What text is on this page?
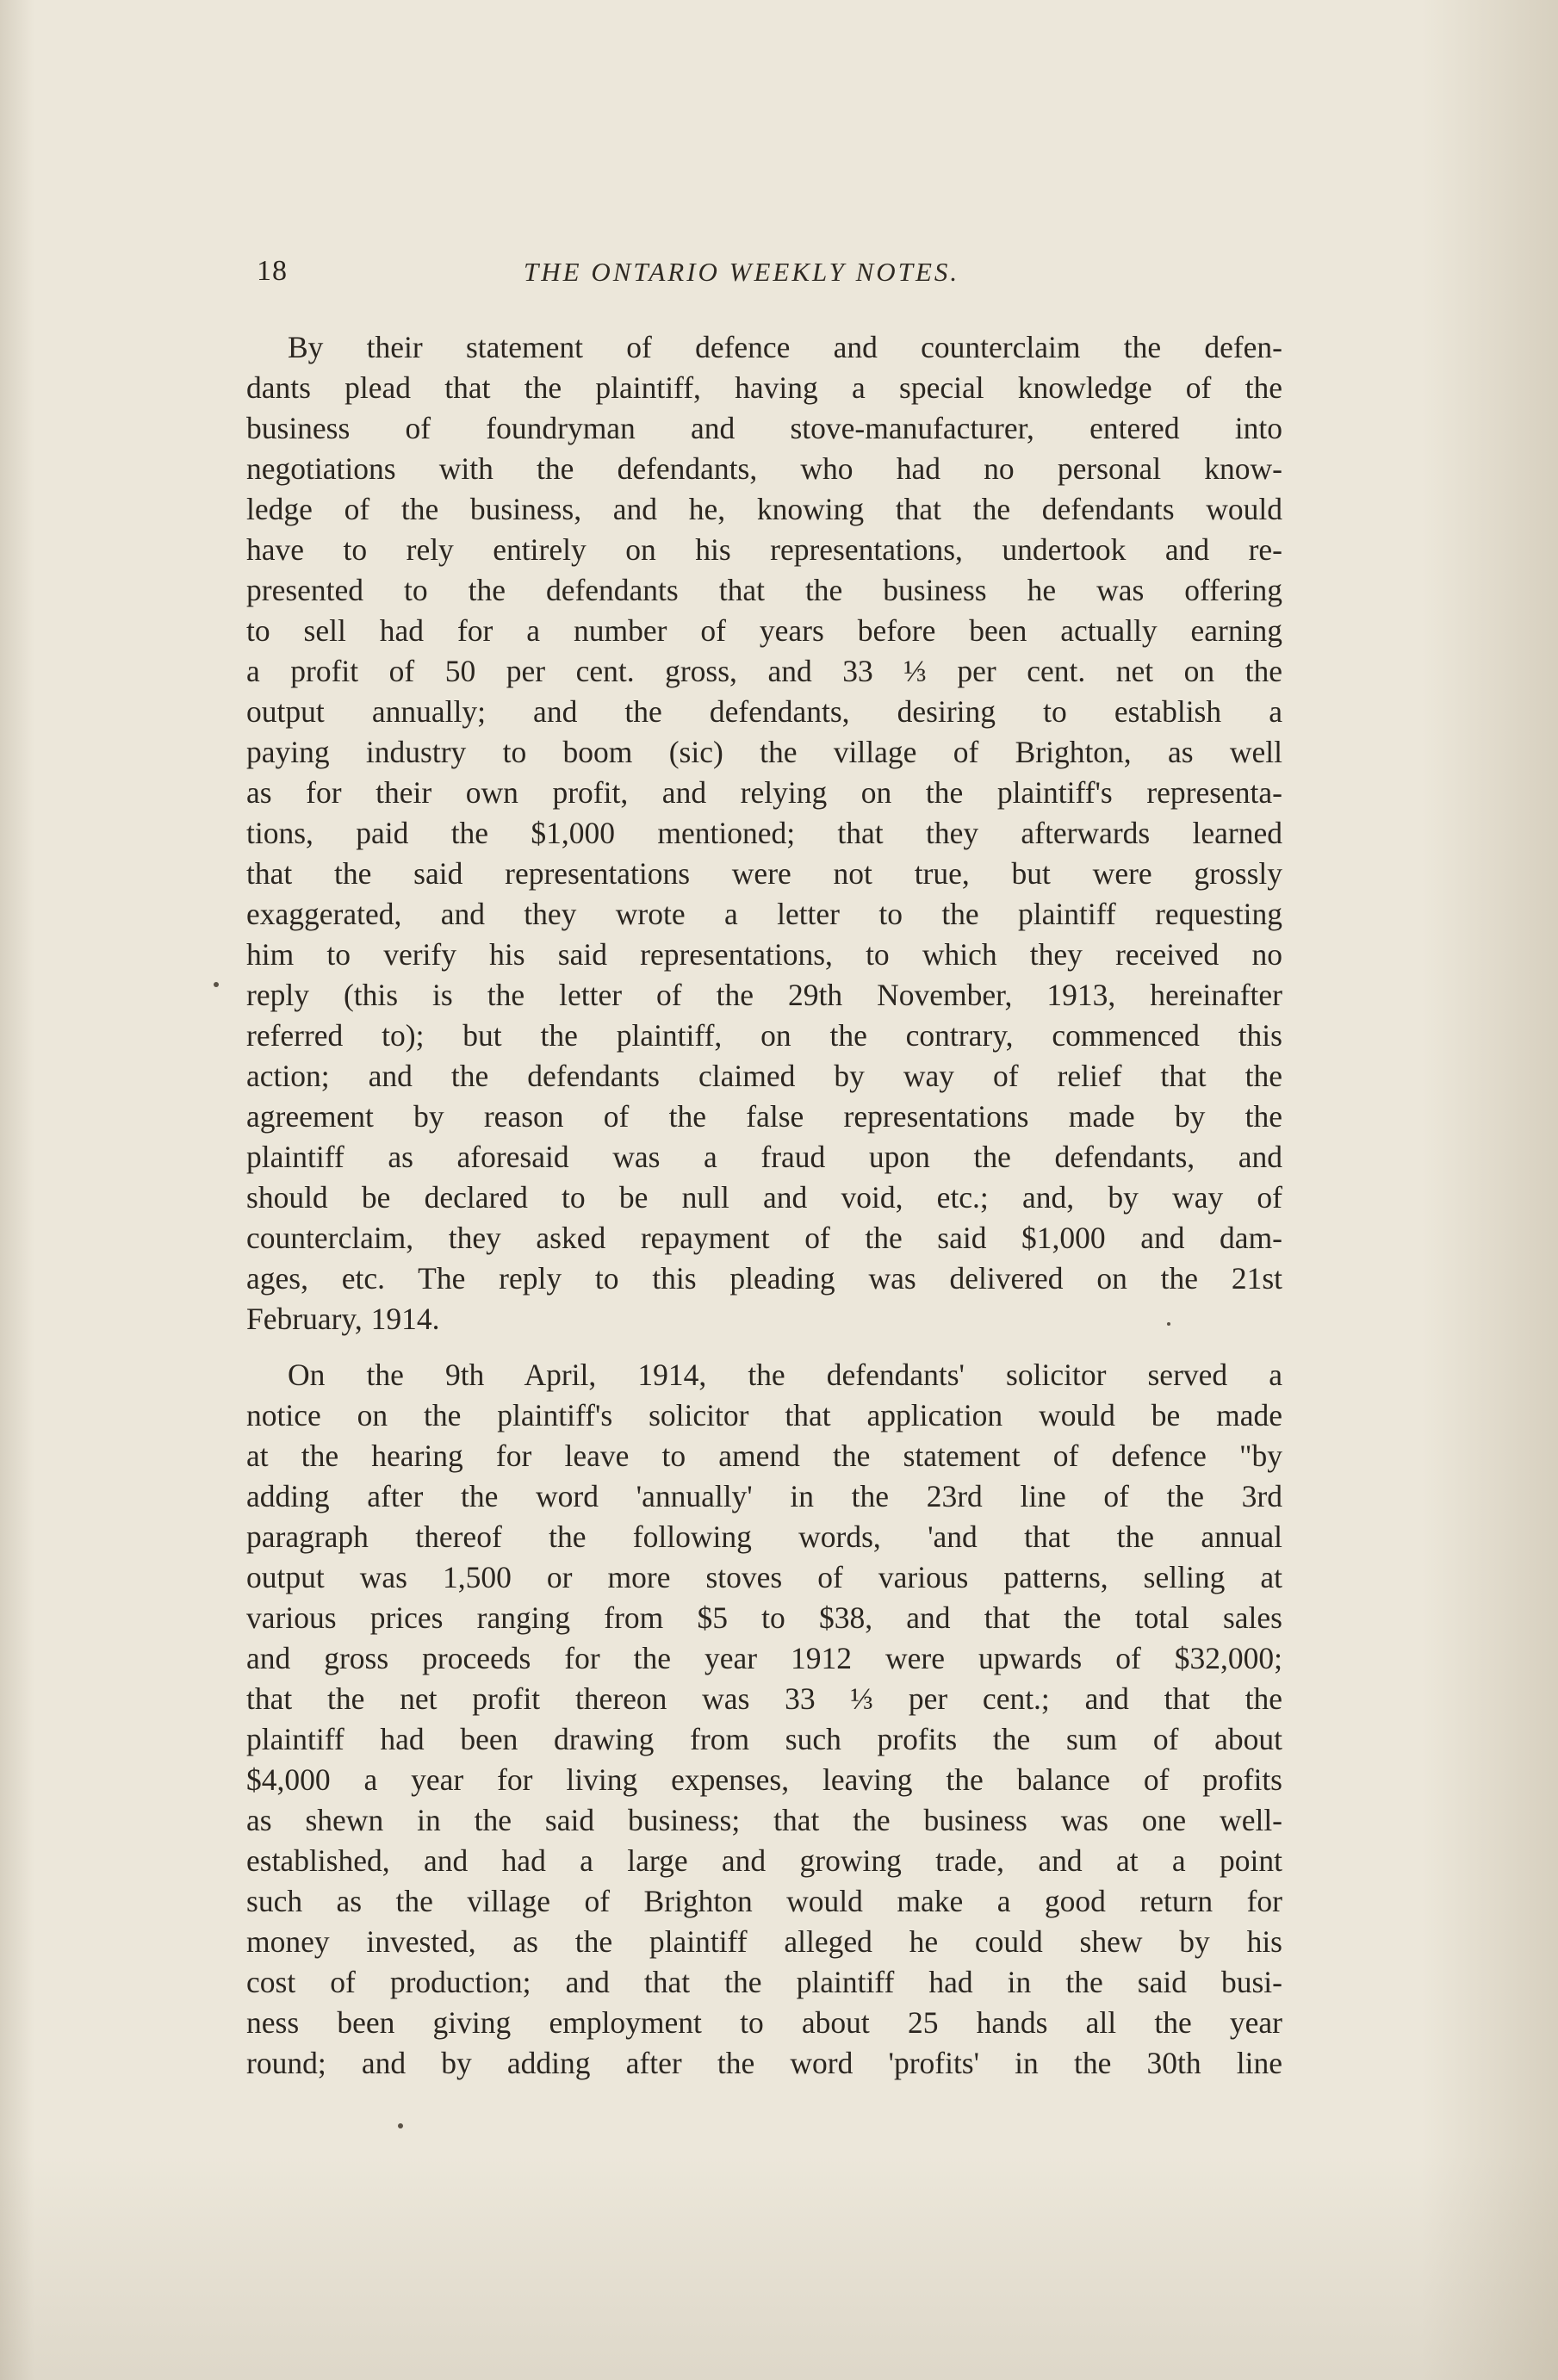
18	THE ONTARIO WEEKLY NOTES.
By their statement of defence and counterclaim the defen-
dants plead that the plaintiff, having a special knowledge of the
business of foundryman and stove-manufacturer, entered into
negotiations with the defendants, who had no personal know-
ledge of the business, and he, knowing that the defendants would
have to rely entirely on his representations, undertook and re-
presented to the defendants that the business he was offering
to sell had for a number of years before been actually earning
a profit of 50 per cent. gross, and 33 ⅓ per cent. net on the
output annually; and the defendants, desiring to establish a
paying industry to boom (sic) the village of Brighton, as well
as for their own profit, and relying on the plaintiff's representa-
tions, paid the $1,000 mentioned; that they afterwards learned
that the said representations were not true, but were grossly
exaggerated, and they wrote a letter to the plaintiff requesting
him to verify his said representations, to which they received no
reply (this is the letter of the 29th November, 1913, hereinafter
referred to); but the plaintiff, on the contrary, commenced this
action; and the defendants claimed by way of relief that the
agreement by reason of the false representations made by the
plaintiff as aforesaid was a fraud upon the defendants, and
should be declared to be null and void, etc.; and, by way of
counterclaim, they asked repayment of the said $1,000 and dam-
ages, etc. The reply to this pleading was delivered on the 21st
February, 1914.
On the 9th April, 1914, the defendants' solicitor served a
notice on the plaintiff's solicitor that application would be made
at the hearing for leave to amend the statement of defence "by
adding after the word 'annually' in the 23rd line of the 3rd
paragraph thereof the following words, 'and that the annual
output was 1,500 or more stoves of various patterns, selling at
various prices ranging from $5 to $38, and that the total sales
and gross proceeds for the year 1912 were upwards of $32,000;
that the net profit thereon was 33 ⅓ per cent.; and that the
plaintiff had been drawing from such profits the sum of about
$4,000 a year for living expenses, leaving the balance of profits
as shewn in the said business; that the business was one well-
established, and had a large and growing trade, and at a point
such as the village of Brighton would make a good return for
money invested, as the plaintiff alleged he could shew by his
cost of production; and that the plaintiff had in the said busi-
ness been giving employment to about 25 hands all the year
round; and by adding after the word 'profits' in the 30th line
